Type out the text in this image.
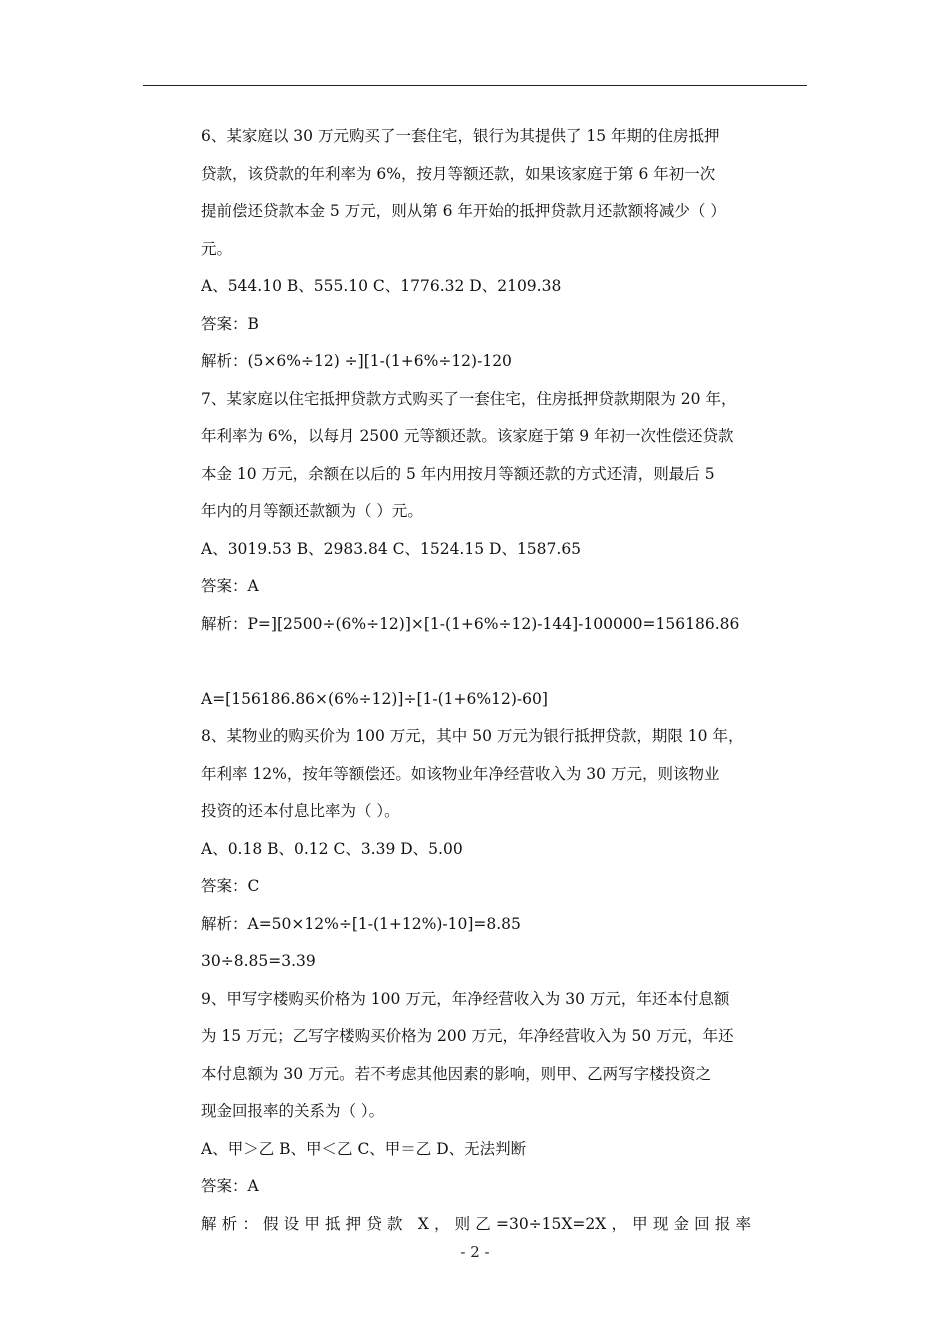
6、某家庭以 30 万元购买了一套住宅，银行为其提供了 15 年期的住房抵押
贷款，该贷款的年利率为 6%，按月等额还款，如果该家庭于第 6 年初一次
提前偿还贷款本金 5 万元，则从第 6 年开始的抵押贷款月还款额将减少（ ）
元。
A、544.10 B、555.10 C、1776.32 D、2109.38
答案：B
解析：(5×6%÷12) ÷][1-(1+6%÷12)-120
7、某家庭以住宅抵押贷款方式购买了一套住宅，住房抵押贷款期限为 20 年，
年利率为 6%，以每月 2500 元等额还款。该家庭于第 9 年初一次性偿还贷款
本金 10 万元，余额在以后的 5 年内用按月等额还款的方式还清，则最后 5
年内的月等额还款额为（ ）元。
A、3019.53 B、2983.84 C、1524.15 D、1587.65
答案：A
解析：P=][2500÷(6%÷12)]×[1-(1+6%÷12)-144]-100000=156186.86
A=[156186.86×(6%÷12)]÷[1-(1+6%12)-60]
8、某物业的购买价为 100 万元，其中 50 万元为银行抵押贷款，期限 10 年，
年利率 12%，按年等额偿还。如该物业年净经营收入为 30 万元，则该物业
投资的还本付息比率为（ ）。
A、0.18 B、0.12 C、3.39 D、5.00
答案：C
解析：A=50×12%÷[1-(1+12%)-10]=8.85
30÷8.85=3.39
9、甲写字楼购买价格为 100 万元，年净经营收入为 30 万元，年还本付息额
为 15 万元；乙写字楼购买价格为 200 万元，年净经营收入为 50 万元，年还
本付息额为 30 万元。若不考虑其他因素的影响，则甲、乙两写字楼投资之
现金回报率的关系为（ ）。
A、甲＞乙 B、甲＜乙 C、甲＝乙 D、无法判断
答案：A
解析：假设甲抵押贷款 X，则乙=30÷15X=2X，甲现金回报率
- 2 -
